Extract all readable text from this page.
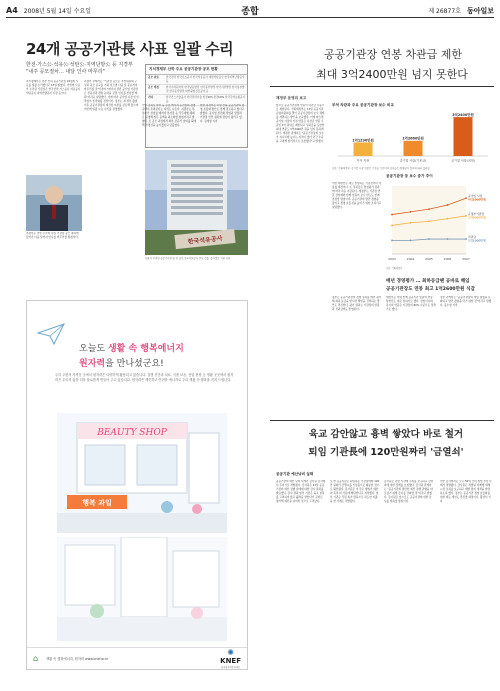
A4 2008년 5월 14일 수요일	종합	제 26877호 동아일보
24개 공공기관長 사표 일괄 수리
한전·가스公·석유公·석탄公·지역난방公 등 지경부 "내주 공모절차… 내달 인사 마무리"
지식경제부는 본부 산하 공공기관장 24명의 사표를 일괄 수리했다고 13일 밝혔다. 이번에 사표가 수리된 기관장은 한국전력 가스공사 석유공사 석탄공사 지역난방공사 사장 등이다.
지경부는 이번 주부터 후임 기관장 공모 절차에 들어가 다음 달까지 인사를 마무리할 방침이다.
지경부 관계자는 "기관장 공모는 추천위원회 구성과 공모 공고를 거쳐 이르면 다음 달 중순까지 마무리될 것"이라며 "에너지 관련 공기업 기관장은 전문성과 경영 능력을 갖춘 인사를 선임할 계획"이라고 설명했다. 이에 따라 공기업 사장 인선 작업이 본격화될 전망이다. 정부는 새 정부 출범 이후 공공기관장의 재신임 여부를 검토해 왔으며 이번에 일괄 사표 수리를 결정했다.
지식경제부 산하 주요 공공기관장 공모 현황
공모 완료	한국전력 한국가스공사 한국석유공사 대한석탄공사 한국지역난방공사 등
공모 예정	한국수력원자력 한국남동발전 한국중부발전 한국서부발전 한국남부발전 한국동서발전 대한광업진흥공사 등
기타	한국가스기술공사 한국전력기술 한전KPS 한전KDN 한국무역보험공사 등
한국석유공사
사표가 수리된 공공기관장 중 한 곳인 한국석유공사 본사 건물. 동아일보 자료 사진
이번 조치로 한전 등 주요 에너지 공기업의 경영 공백이 우려된다는 지적도 나온다. 지경부는 후임자가 선임될 때까지 부사장 등 직무대행 체제로 운영해 업무 공백을 최소화할 방침이라고 밝혔다. 또 공모 과정에서 외부 전문가 참여를 확대해 투명성을 높이겠다고 덧붙였다.
한편 지경부는 이날 산하 공공기관의 경영 효율화 방안도 함께 검토하고 있다고 밝혔다. 공기업 선진화 작업과 맞물려 기관장 인선 결과에 관심이 쏠리고 있다. 김재영 기자
오늘도 생활 속 행복에너지
원자력을 만나셨군요!
우리 주변의 가까운 곳에서 원자력은 다양하게 활용되고 있습니다. 질병 진단과 치료, 식품 보존, 산업 현장 등 생활 곳곳에서 원자력은 우리의 삶을 더욱 풍요롭게 만들어 주고 있습니다. 원자력은 깨끗하고 안전한 에너지로 우리 생활 속 행복을 지켜 드립니다.
BEAUTY SHOP
행복 과일
⌂	생활 속 행복에너지, 원자력 www.knef.or.kr
✺
KNEF
한국원자력문화재단
공공기관장 연봉 차관급 제한
최대 3억2400만원 넘지 못한다
재정부 운영위 보고
앞으로 공공기관장의 연봉이 차관급 수준으로 제한된다. 기획재정부는 13일 공공기관운영위원회를 열어 공공기관장의 보수 체계를 개편하는 방안을 보고했다. 이에 따르면 공기업 사장의 기본 연봉은 차관급 연봉 수준인 1억 원대로 제한되고 성과급을 포함한 최대 연봉도 3억2400만 원을 넘지 못하게 된다. 재정부 관계자는 "공공기관장의 보수가 지나치게 높다는 지적이 많아 민간 수준을 고려해 합리적으로 조정했다"고 말했다.
부처 차관과 주요 공공기관장 보수 비교
1억1290만원
부처 차관
1억2660만원
공기업 사장(기본급)
3억2400만원
공기업 사장(최대)
자료: 기획재정부. 공기업 사장 연봉은 기본급 기준이며 성과급은 경영평가 결과에 따라 달라짐
이번 개편안은 새로 선임되는 기관장부터 적용될 예정이다. 또 성과급은 경영평가 결과에 따라 차등 지급된다. 재정부는 기관장 연봉 상한제와 함께 임원의 보수 한도도 함께 조정할 방침이다. 공공기관의 방만 경영을 줄이고 경영 효율성을 높이기 위한 조치라고 설명했다.
공공기관장 등 보수 증가 추이
2003	2004	2005	2006	2007
공기업 사장
4억1000만원
준정부기관장
2억8000만원
차관급
1억1000만원
자료: 기획재정부
매년 경영평가 … 최하등급땐 공바로 해임
공공기관장도 연봉 최고 1억2600만원 식감
정부는 공공기관장의 경영 성과를 매년 평가해 최하 등급을 받으면 해임을 건의하는 방안도 추진한다. 평가 결과는 기관장의 연봉과 성과급에도 반영된다.
재정부는 이와 함께 공공기관 임원의 연봉 상한선도 새로 정하기로 했다. 상임이사와 감사의 연봉은 기관장의 80% 수준으로 맞추기로 했다.
정부 관계자는 "공공기관장의 책임 경영을 강화하고 방만 경영을 막기 위한 것"이라고 말했다. 홍수영 기자
육교 감안않고 흉벽 쌓았다 바로 철거
퇴임 기관長에 120만원짜리 '금열쇠'
공공기관 예산낭비 실태
공공기관의 예산 낭비 사례가 감사원 감사에서 무더기로 적발됐다. 감사원은 13일 공공기관의 예산 집행 실태에 대한 감사 결과를 발표했다. 감사 결과 일부 기관은 육교 설치를 고려하지 않고 흉벽을 쌓았다가 곧바로 철거해 예산을 낭비한 것으로 드러났다.
또 한 공공기관은 퇴임하는 기관장에게 120만 원짜리 금열쇠를 기념품으로 제공한 것으로 확인됐다. 감사원은 이 같은 행위가 예산의 목적 외 사용에 해당한다고 지적했다. 일부 기관은 직원 복지 명목으로 과도한 지출을 한 사례도 적발됐다.
감사원은 관련 기관에 주의를 요구하고 관련자에 대한 징계를 요청했다. 감사원 관계자는 "공공기관의 방만한 예산 집행 관행을 바로잡기 위해 감사를 강화할 것"이라고 밝혔다. 감사원은 앞으로도 공공기관에 대한 감사를 계속할 방침이다.
이번 감사에서는 모두 50여 건의 위법 부당 사례가 적발됐다. 감사원은 적발된 사례에 대해 시정 조치를 요구하고 재발 방지 대책을 마련하도록 했다. 정부는 공공기관 경영 효율화를 위한 제도 개선도 추진할 예정이다. 황장석 기자
